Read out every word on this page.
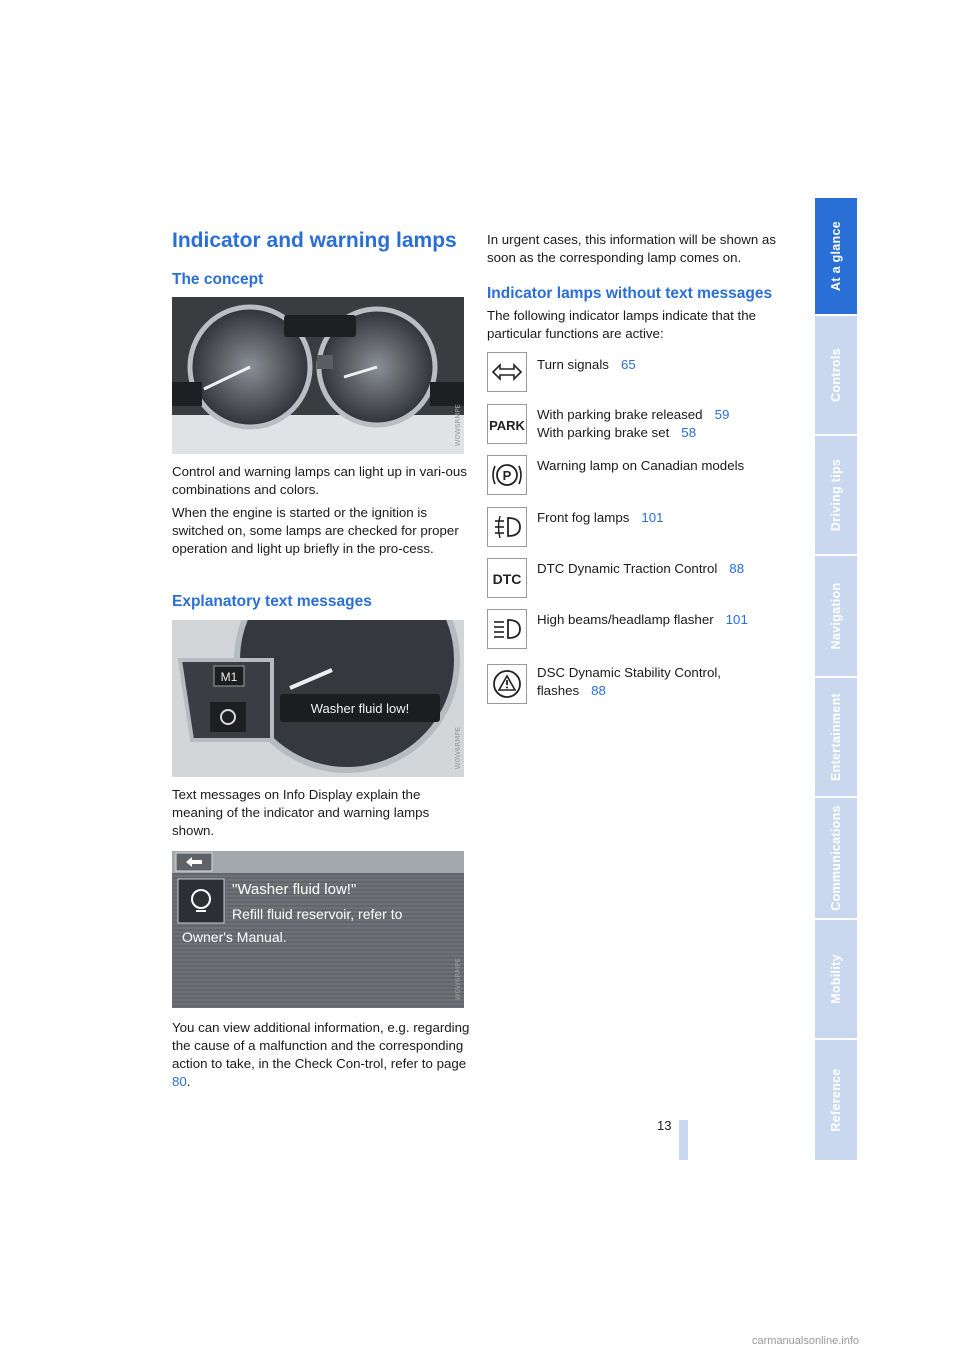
Indicator and warning lamps
The concept
W0W6RMPE

Control and warning lamps can light up in vari-ous combinations and colors.

When the engine is started or the ignition is switched on, some lamps are checked for proper operation and light up briefly in the pro-cess.

Explanatory text messages
M1
Washer fluid low!
W0W6RMPE

Text messages on Info Display explain the meaning of the indicator and warning lamps shown.

"Washer fluid low!"
Refill fluid reservoir, refer to
Owner's Manual.
W0W6RMPE

You can view additional information, e.g. regarding the cause of a malfunction and the corresponding action to take, in the Check Con-trol, refer to page 80.

In urgent cases, this information will be shown as soon as the corresponding lamp comes on.

Indicator lamps without text messages

The following indicator lamps indicate that the particular functions are active:

Turn signals 65
PARK
With parking brake released 59
With parking brake set 58
P
Warning lamp on Canadian models
Front fog lamps 101
DTC
DTC Dynamic Traction Control 88
High beams/headlamp flasher 101
DSC Dynamic Stability Control,
flashes 88
At a glance
Controls
Driving tips
Navigation
Entertainment
Communications
Mobility
Reference
13
carmanualsonline.info
